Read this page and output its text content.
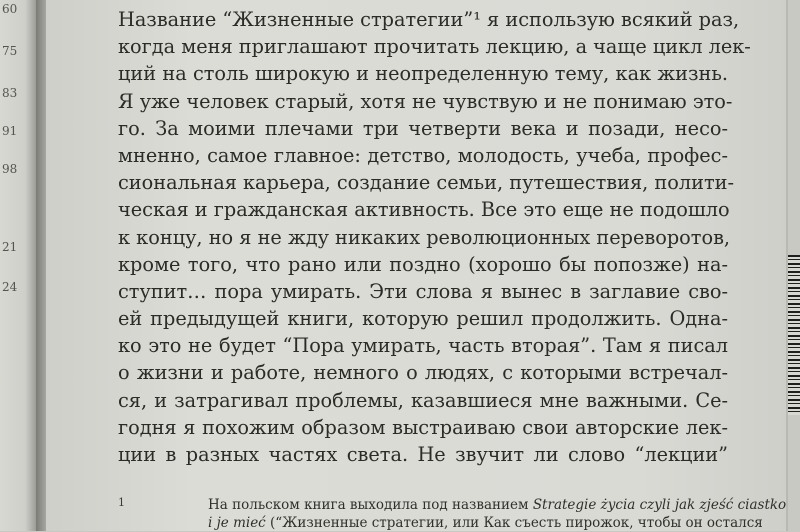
60
75
83
91
98
21
24
Название “Жизненные стратегии”¹ я использую всякий раз,
когда меня приглашают прочитать лекцию, а чаще цикл лек-
ций на столь широкую и неопределенную тему, как жизнь.
Я уже человек старый, хотя не чувствую и не понимаю это-
го. За моими плечами три четверти века и позади, несо-
мненно, самое главное: детство, молодость, учеба, профес-
сиональная карьера, создание семьи, путешествия, полити-
ческая и гражданская активность. Все это еще не подошло
к концу, но я не жду никаких революционных переворотов,
кроме того, что рано или поздно (хорошо бы попозже) на-
ступит… пора умирать. Эти слова я вынес в заглавие сво-
ей предыдущей книги, которую решил продолжить. Одна-
ко это не будет “Пора умирать, часть вторая”. Там я писал
о жизни и работе, немного о людях, с которыми встречал-
ся, и затрагивал проблемы, казавшиеся мне важными. Се-
годня я похожим образом выстраиваю свои авторские лек-
ции в разных частях света. Не звучит ли слово “лекции”
1	На польском книга выходила под названием Strategie życia czyli jak zjeść ciastko
i je mieć (“Жизненные стратегии, или Как съесть пирожок, чтобы он остался
